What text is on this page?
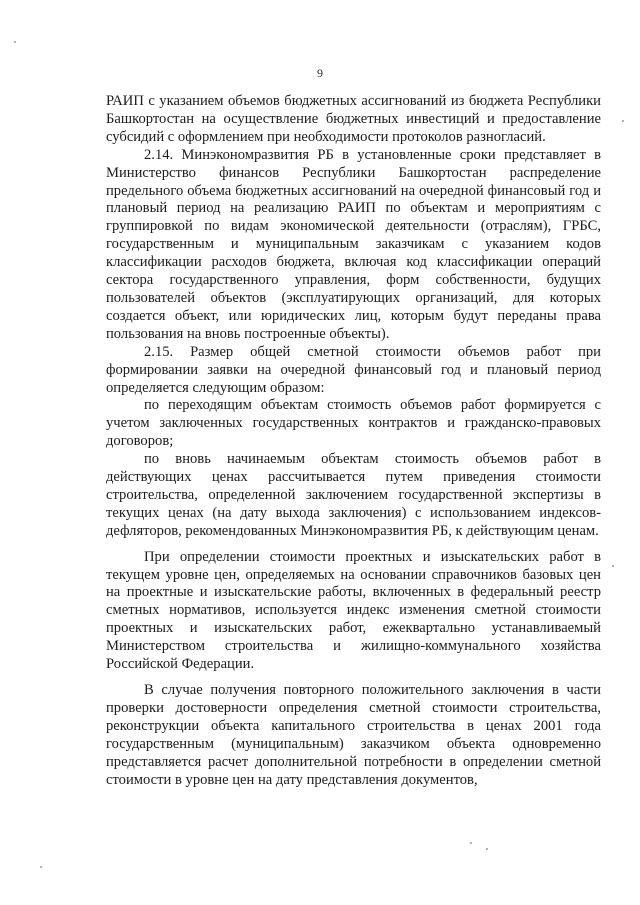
9

РАИП с указанием объемов бюджетных ассигнований из бюджета Республики Башкортостан на осуществление бюджетных инвестиций и предоставление субсидий с оформлением при необходимости протоколов разногласий.

2.14. Минэкономразвития РБ в установленные сроки представляет в Министерство финансов Республики Башкортостан распределение предельного объема бюджетных ассигнований на очередной финансовый год и плановый период на реализацию РАИП по объектам и мероприятиям с группировкой по видам экономической деятельности (отраслям), ГРБС, государственным и муниципальным заказчикам с указанием кодов классификации расходов бюджета, включая код классификации операций сектора государственного управления, форм собственности, будущих пользователей объектов (эксплуатирующих организаций, для которых создается объект, или юридических лиц, которым будут переданы права пользования на вновь построенные объекты).

2.15. Размер общей сметной стоимости объемов работ при формировании заявки на очередной финансовый год и плановый период определяется следующим образом:

по переходящим объектам стоимость объемов работ формируется с учетом заключенных государственных контрактов и гражданско-правовых договоров;

по вновь начинаемым объектам стоимость объемов работ в действующих ценах рассчитывается путем приведения стоимости строительства, определенной заключением государственной экспертизы в текущих ценах (на дату выхода заключения) с использованием индексов-дефляторов, рекомендованных Минэкономразвития РБ, к действующим ценам.

При определении стоимости проектных и изыскательских работ в текущем уровне цен, определяемых на основании справочников базовых цен на проектные и изыскательские работы, включенных в федеральный реестр сметных нормативов, используется индекс изменения сметной стоимости проектных и изыскательских работ, ежеквартально устанавливаемый Министерством строительства и жилищно-коммунального хозяйства Российской Федерации.

В случае получения повторного положительного заключения в части проверки достоверности определения сметной стоимости строительства, реконструкции объекта капитального строительства в ценах 2001 года государственным (муниципальным) заказчиком объекта одновременно представляется расчет дополнительной потребности в определении сметной стоимости в уровне цен на дату представления документов,
